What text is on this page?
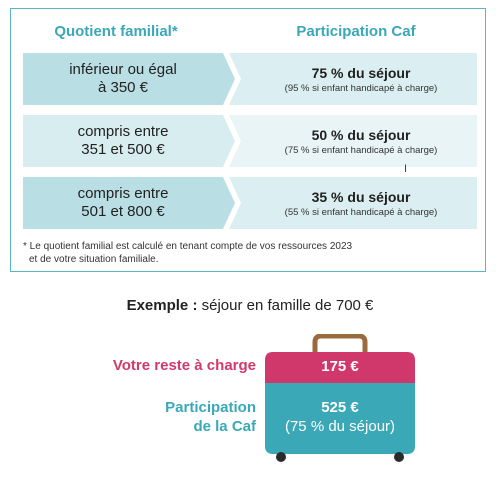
Quotient familial*	Participation Caf
inférieur ou égal
à 350 €
75 % du séjour
(95 % si enfant handicapé à charge)
compris entre
351 et 500 €
50 % du séjour
(75 % si enfant handicapé à charge)
compris entre
501 et 800 €
35 % du séjour
(55 % si enfant handicapé à charge)
* Le quotient familial est calculé en tenant compte de vos ressources 2023
et de votre situation familiale.
I
Exemple : séjour en famille de 700 €
Votre reste à charge
Participation
de la Caf
175 €
525 €
(75 % du séjour)
